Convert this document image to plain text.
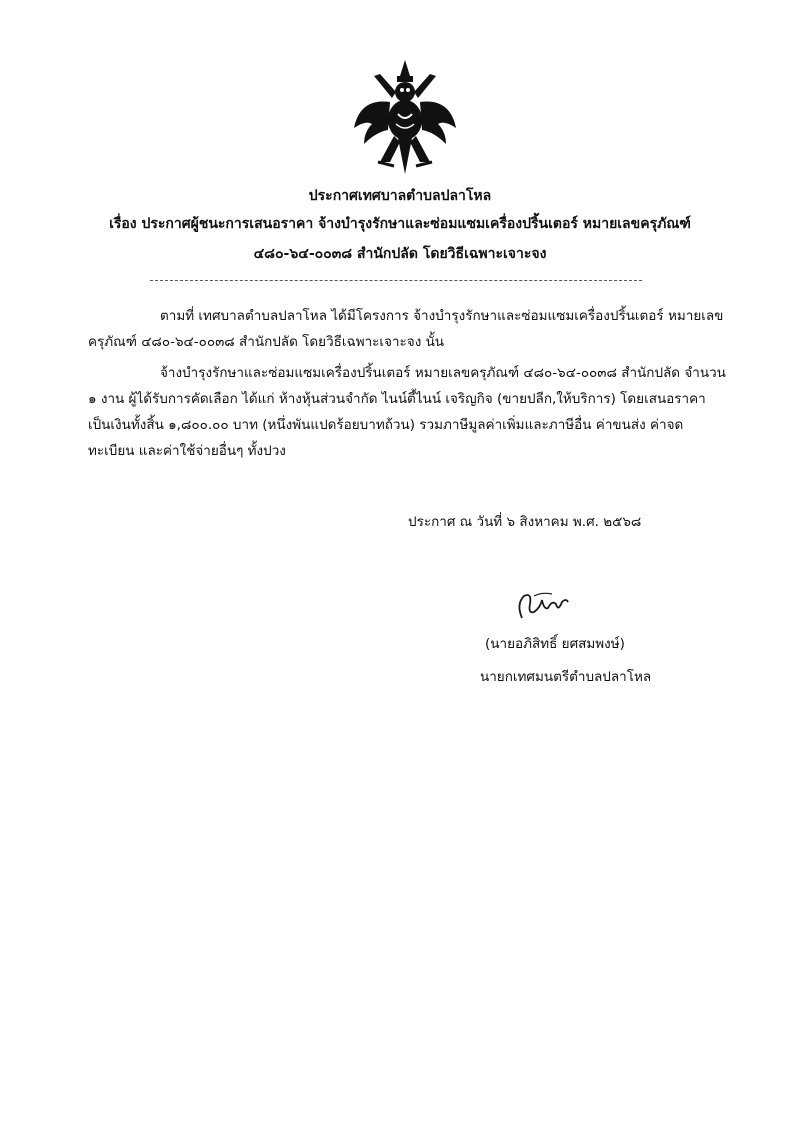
ประกาศเทศบาลตำบลปลาโหล
เรื่อง ประกาศผู้ชนะการเสนอราคา จ้างบำรุงรักษาและซ่อมแซมเครื่องปริ้นเตอร์ หมายเลขครุภัณฑ์
๔๘๐-๖๔-๐๐๓๘ สำนักปลัด โดยวิธีเฉพาะเจาะจง
ตามที่ เทศบาลตำบลปลาโหล ได้มีโครงการ จ้างบำรุงรักษาและซ่อมแซมเครื่องปริ้นเตอร์ หมายเลขครุภัณฑ์ ๔๘๐-๖๔-๐๐๓๘ สำนักปลัด โดยวิธีเฉพาะเจาะจง นั้น
จ้างบำรุงรักษาและซ่อมแซมเครื่องปริ้นเตอร์ หมายเลขครุภัณฑ์ ๔๘๐-๖๔-๐๐๓๘ สำนักปลัด จำนวน ๑ งาน ผู้ได้รับการคัดเลือก ได้แก่ ห้างหุ้นส่วนจำกัด ไนน์ตี้ไนน์ เจริญกิจ (ขายปลีก,ให้บริการ) โดยเสนอราคา เป็นเงินทั้งสิ้น ๑,๘๐๐.๐๐ บาท (หนึ่งพันแปดร้อยบาทถ้วน) รวมภาษีมูลค่าเพิ่มและภาษีอื่น ค่าขนส่ง ค่าจดทะเบียน และค่าใช้จ่ายอื่นๆ ทั้งปวง
ประกาศ ณ วันที่ ๖ สิงหาคม พ.ศ. ๒๕๖๘
(นายอภิสิทธิ์ ยศสมพงษ์)
นายกเทศมนตรีตำบลปลาโหล
